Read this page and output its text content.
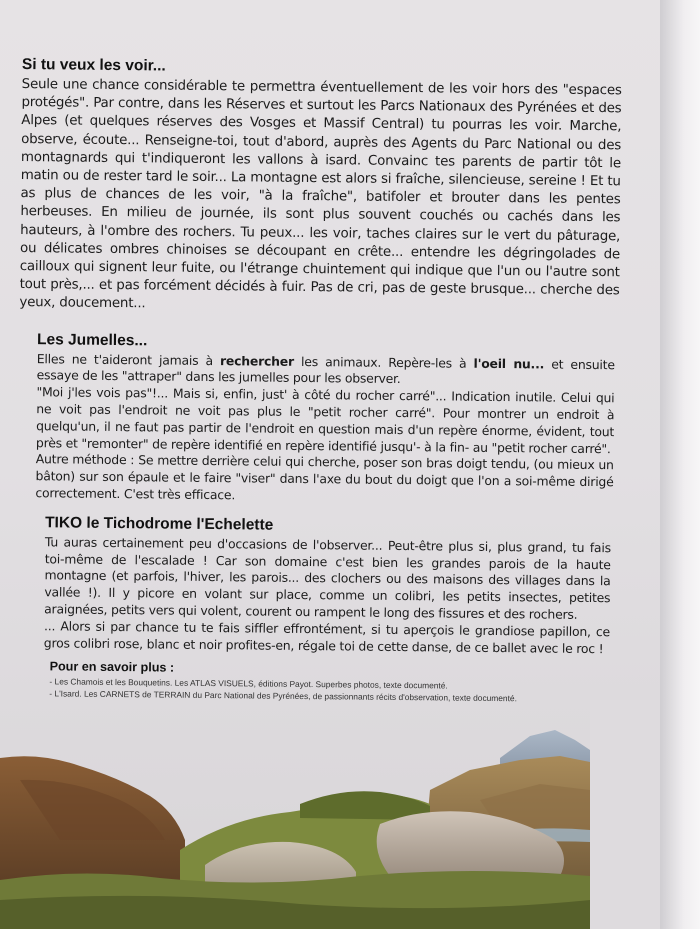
Si tu veux les voir...

Seule une chance considérable te permettra éventuellement de les voir hors des "espaces protégés". Par contre, dans les Réserves et surtout les Parcs Nationaux des Pyrénées et des Alpes (et quelques réserves des Vosges et Massif Central) tu pourras les voir. Marche, observe, écoute... Renseigne-toi, tout d'abord, auprès des Agents du Parc National ou des montagnards qui t'indiqueront les vallons à isard. Convainc tes parents de partir tôt le matin ou de rester tard le soir... La montagne est alors si fraîche, silencieuse, sereine ! Et tu as plus de chances de les voir, "à la fraîche", batifoler et brouter dans les pentes herbeuses. En milieu de journée, ils sont plus souvent couchés ou cachés dans les hauteurs, à l'ombre des rochers. Tu peux... les voir, taches claires sur le vert du pâturage, ou délicates ombres chinoises se découpant en crête... entendre les dégringolades de cailloux qui signent leur fuite, ou l'étrange chuintement qui indique que l'un ou l'autre sont tout près,... et pas forcément décidés à fuir. Pas de cri, pas de geste brusque... cherche des yeux, doucement...

Les Jumelles...

Elles ne t'aideront jamais à rechercher les animaux. Repère-les à l'oeil nu... et ensuite essaye de les "attraper" dans les jumelles pour les observer.

"Moi j'les vois pas"!... Mais si, enfin, just' à côté du rocher carré"... Indication inutile. Celui qui ne voit pas l'endroit ne voit pas plus le "petit rocher carré". Pour montrer un endroit à quelqu'un, il ne faut pas partir de l'endroit en question mais d'un repère énorme, évident, tout près et "remonter" de repère identifié en repère identifié jusqu'- à la fin- au "petit rocher carré".

Autre méthode : Se mettre derrière celui qui cherche, poser son bras doigt tendu, (ou mieux un bâton) sur son épaule et le faire "viser" dans l'axe du bout du doigt que l'on a soi-même dirigé correctement. C'est très efficace.

TIKO le Tichodrome l'Echelette

Tu auras certainement peu d'occasions de l'observer... Peut-être plus si, plus grand, tu fais toi-même de l'escalade ! Car son domaine c'est bien les grandes parois de la haute montagne (et parfois, l'hiver, les parois... des clochers ou des maisons des villages dans la vallée !). Il y picore en volant sur place, comme un colibri, les petits insectes, petites araignées, petits vers qui volent, courent ou rampent le long des fissures et des rochers.

... Alors si par chance tu te fais siffler effrontément, si tu aperçois le grandiose papillon, ce gros colibri rose, blanc et noir profites-en, régale toi de cette danse, de ce ballet avec le roc !

Pour en savoir plus :

- Les Chamois et les Bouquetins. Les ATLAS VISUELS, éditions Payot. Superbes photos, texte documenté.

- L'Isard. Les CARNETS de TERRAIN du Parc National des Pyrénées, de passionnants récits d'observation, texte documenté.
